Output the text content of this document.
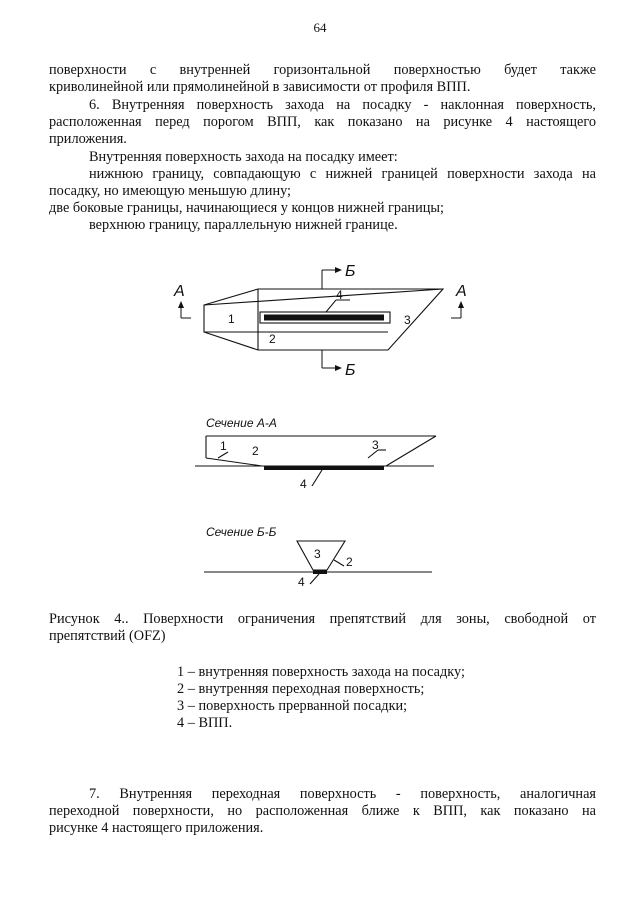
64
поверхности с внутренней горизонтальной поверхностью будет также
криволинейной или прямолинейной в зависимости от профиля ВПП.
6. Внутренняя поверхность захода на посадку - наклонная поверхность,
расположенная перед порогом ВПП, как показано на рисунке 4 настоящего
приложения.
Внутренняя поверхность захода на посадку имеет:
нижнюю границу, совпадающую с нижней границей поверхности захода на
посадку, но имеющую меньшую длину;
две боковые границы, начинающиеся у концов нижней границы;
верхнюю границу, параллельную нижней границе.
А	А
Б
Б
1
2
3
4
Сечение А-А
1 2	3
4
Сечение Б-Б
3
2
4
Рисунок 4.. Поверхности ограничения препятствий для зоны, свободной от
препятствий (OFZ)
1 – внутренняя поверхность захода на посадку;
2 – внутренняя переходная поверхность;
3 – поверхность прерванной посадки;
4 – ВПП.
7. Внутренняя переходная поверхность - поверхность, аналогичная
переходной поверхности, но расположенная ближе к ВПП, как показано на
рисунке 4 настоящего приложения.
